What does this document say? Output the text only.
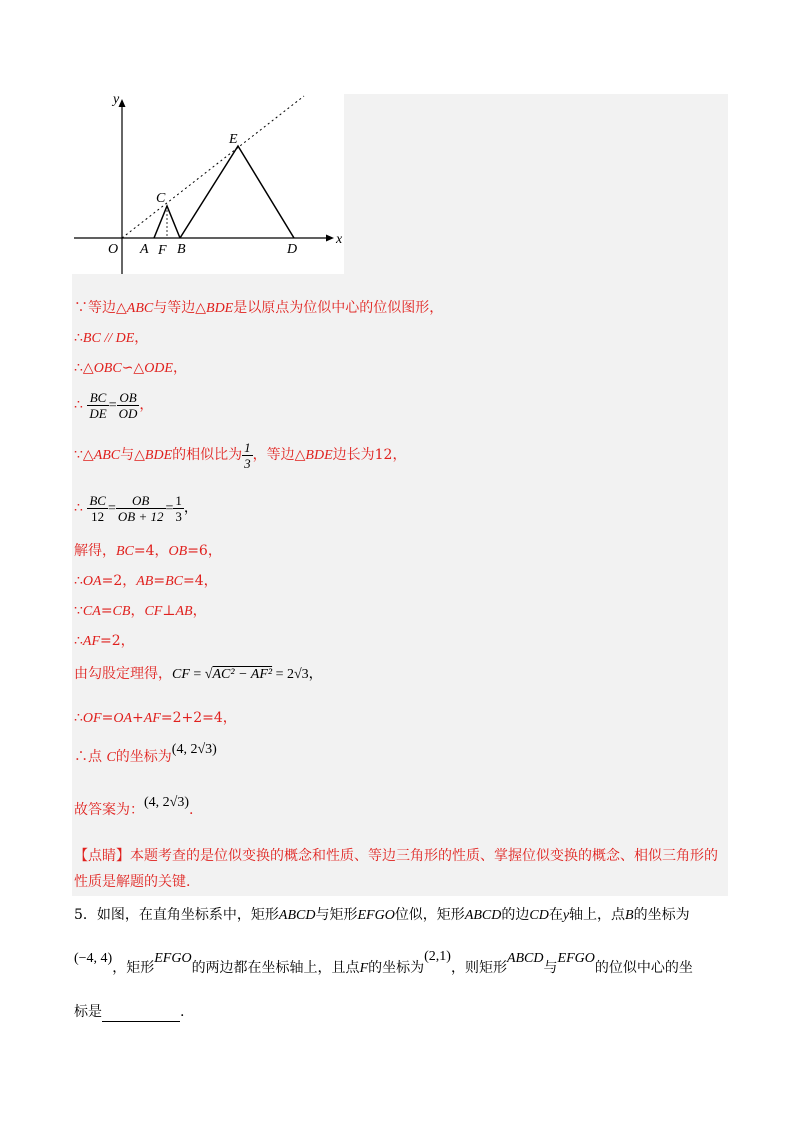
y
x
O A F B
C
E
D
∵等边△ABC与等边△BDE是以原点为位似中心的位似图形，
∴BC // DE，
∴△OBC∽△ODE，
∴ $\frac{BC}{DE} = \frac{OB}{OD}$ ，
∵△ABC与△BDE的相似比为 $\frac{1}{3}$ ，等边△BDE边长为12，
∴ $\frac{BC}{12} = \frac{OB}{OB + 12} = \frac{1}{3}$ ，
解得，BC=4，OB=6，
∴OA=2，AB=BC=4，
∵CA=CB，CF⊥AB，
∴AF=2，
由勾股定理得，CF = √AC² − AF² = 2√3，
∴OF=OA+AF=2+2=4，
∴点 C的坐标为(4, 2√3)
故答案为：(4, 2√3).
【点睛】本题考查的是位似变换的概念和性质、等边三角形的性质、掌握位似变换的概念、相似三角形的
性质是解题的关键.
5．如图，在直角坐标系中，矩形ABCD与矩形EFGO位似，矩形ABCD的边CD在y轴上，点B的坐标为
(−4, 4)，矩形EFGO的两边都在坐标轴上，且点F的坐标为(2,1)，则矩形ABCD与EFGO的位似中心的坐
标是	.
